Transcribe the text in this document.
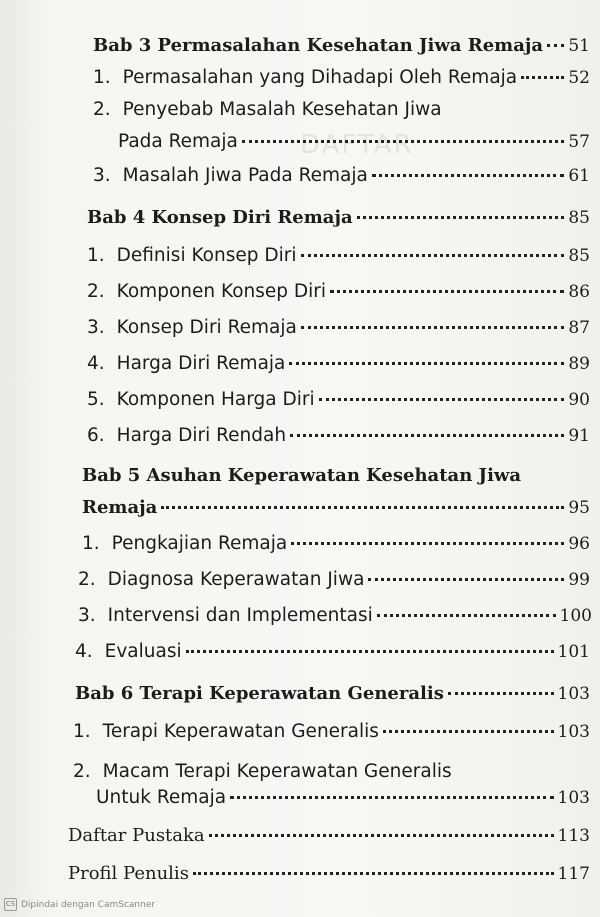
DAFTAR
Bab 3 Permasalahan Kesehatan Jiwa Remaja 51
1. Permasalahan yang Dihadapi Oleh Remaja	52
2. Penyebab Masalah Kesehatan Jiwa
Pada Remaja	57
3. Masalah Jiwa Pada Remaja	61
Bab 4 Konsep Diri Remaja	85
1. Definisi Konsep Diri	85
2. Komponen Konsep Diri	86
3. Konsep Diri Remaja	87
4. Harga Diri Remaja	89
5. Komponen Harga Diri	90
6. Harga Diri Rendah	91
Bab 5 Asuhan Keperawatan Kesehatan Jiwa
Remaja	95
1. Pengkajian Remaja	96
2. Diagnosa Keperawatan Jiwa	99
3. Intervensi dan Implementasi	100
4. Evaluasi	101
Bab 6 Terapi Keperawatan Generalis	103
1. Terapi Keperawatan Generalis	103
2. Macam Terapi Keperawatan Generalis
Untuk Remaja	103
Daftar Pustaka	113
Profil Penulis	117
CS Dipindai dengan CamScanner
